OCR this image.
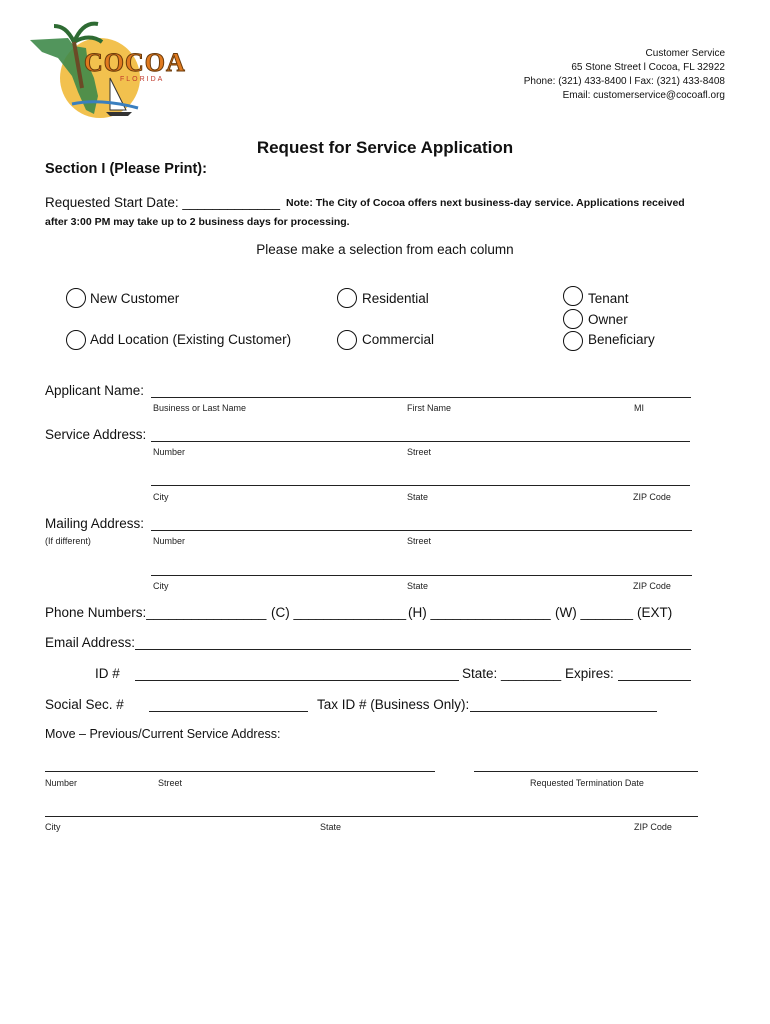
COCOA
FLORIDA
Customer Service
65 Stone Street l Cocoa, FL 32922
Phone: (321) 433-8400 l Fax: (321) 433-8408
Email: customerservice@cocoafl.org
Request for Service Application
Section I (Please Print):
Requested Start Date: _____________ Note: The City of Cocoa offers next business-day service. Applications received
after 3:00 PM may take up to 2 business days for processing.
Please make a selection from each column
New Customer
Add Location (Existing Customer)
Residential
Commercial
Tenant
Owner
Beneficiary
Applicant Name:
Business or Last Name	First Name	MI
Service Address:
Number	Street
City	State	ZIP Code
Mailing Address:
(If different)	Number	Street
City	State	ZIP Code
Phone Numbers:________________ (C) _______________ (H) ________________ (W) _______ (EXT)
Email Address:
ID #	State: ________ Expires:
Social Sec. #	Tax ID # (Business Only):
Move – Previous/Current Service Address:
Number	Street	Requested Termination Date
City	State	ZIP Code
